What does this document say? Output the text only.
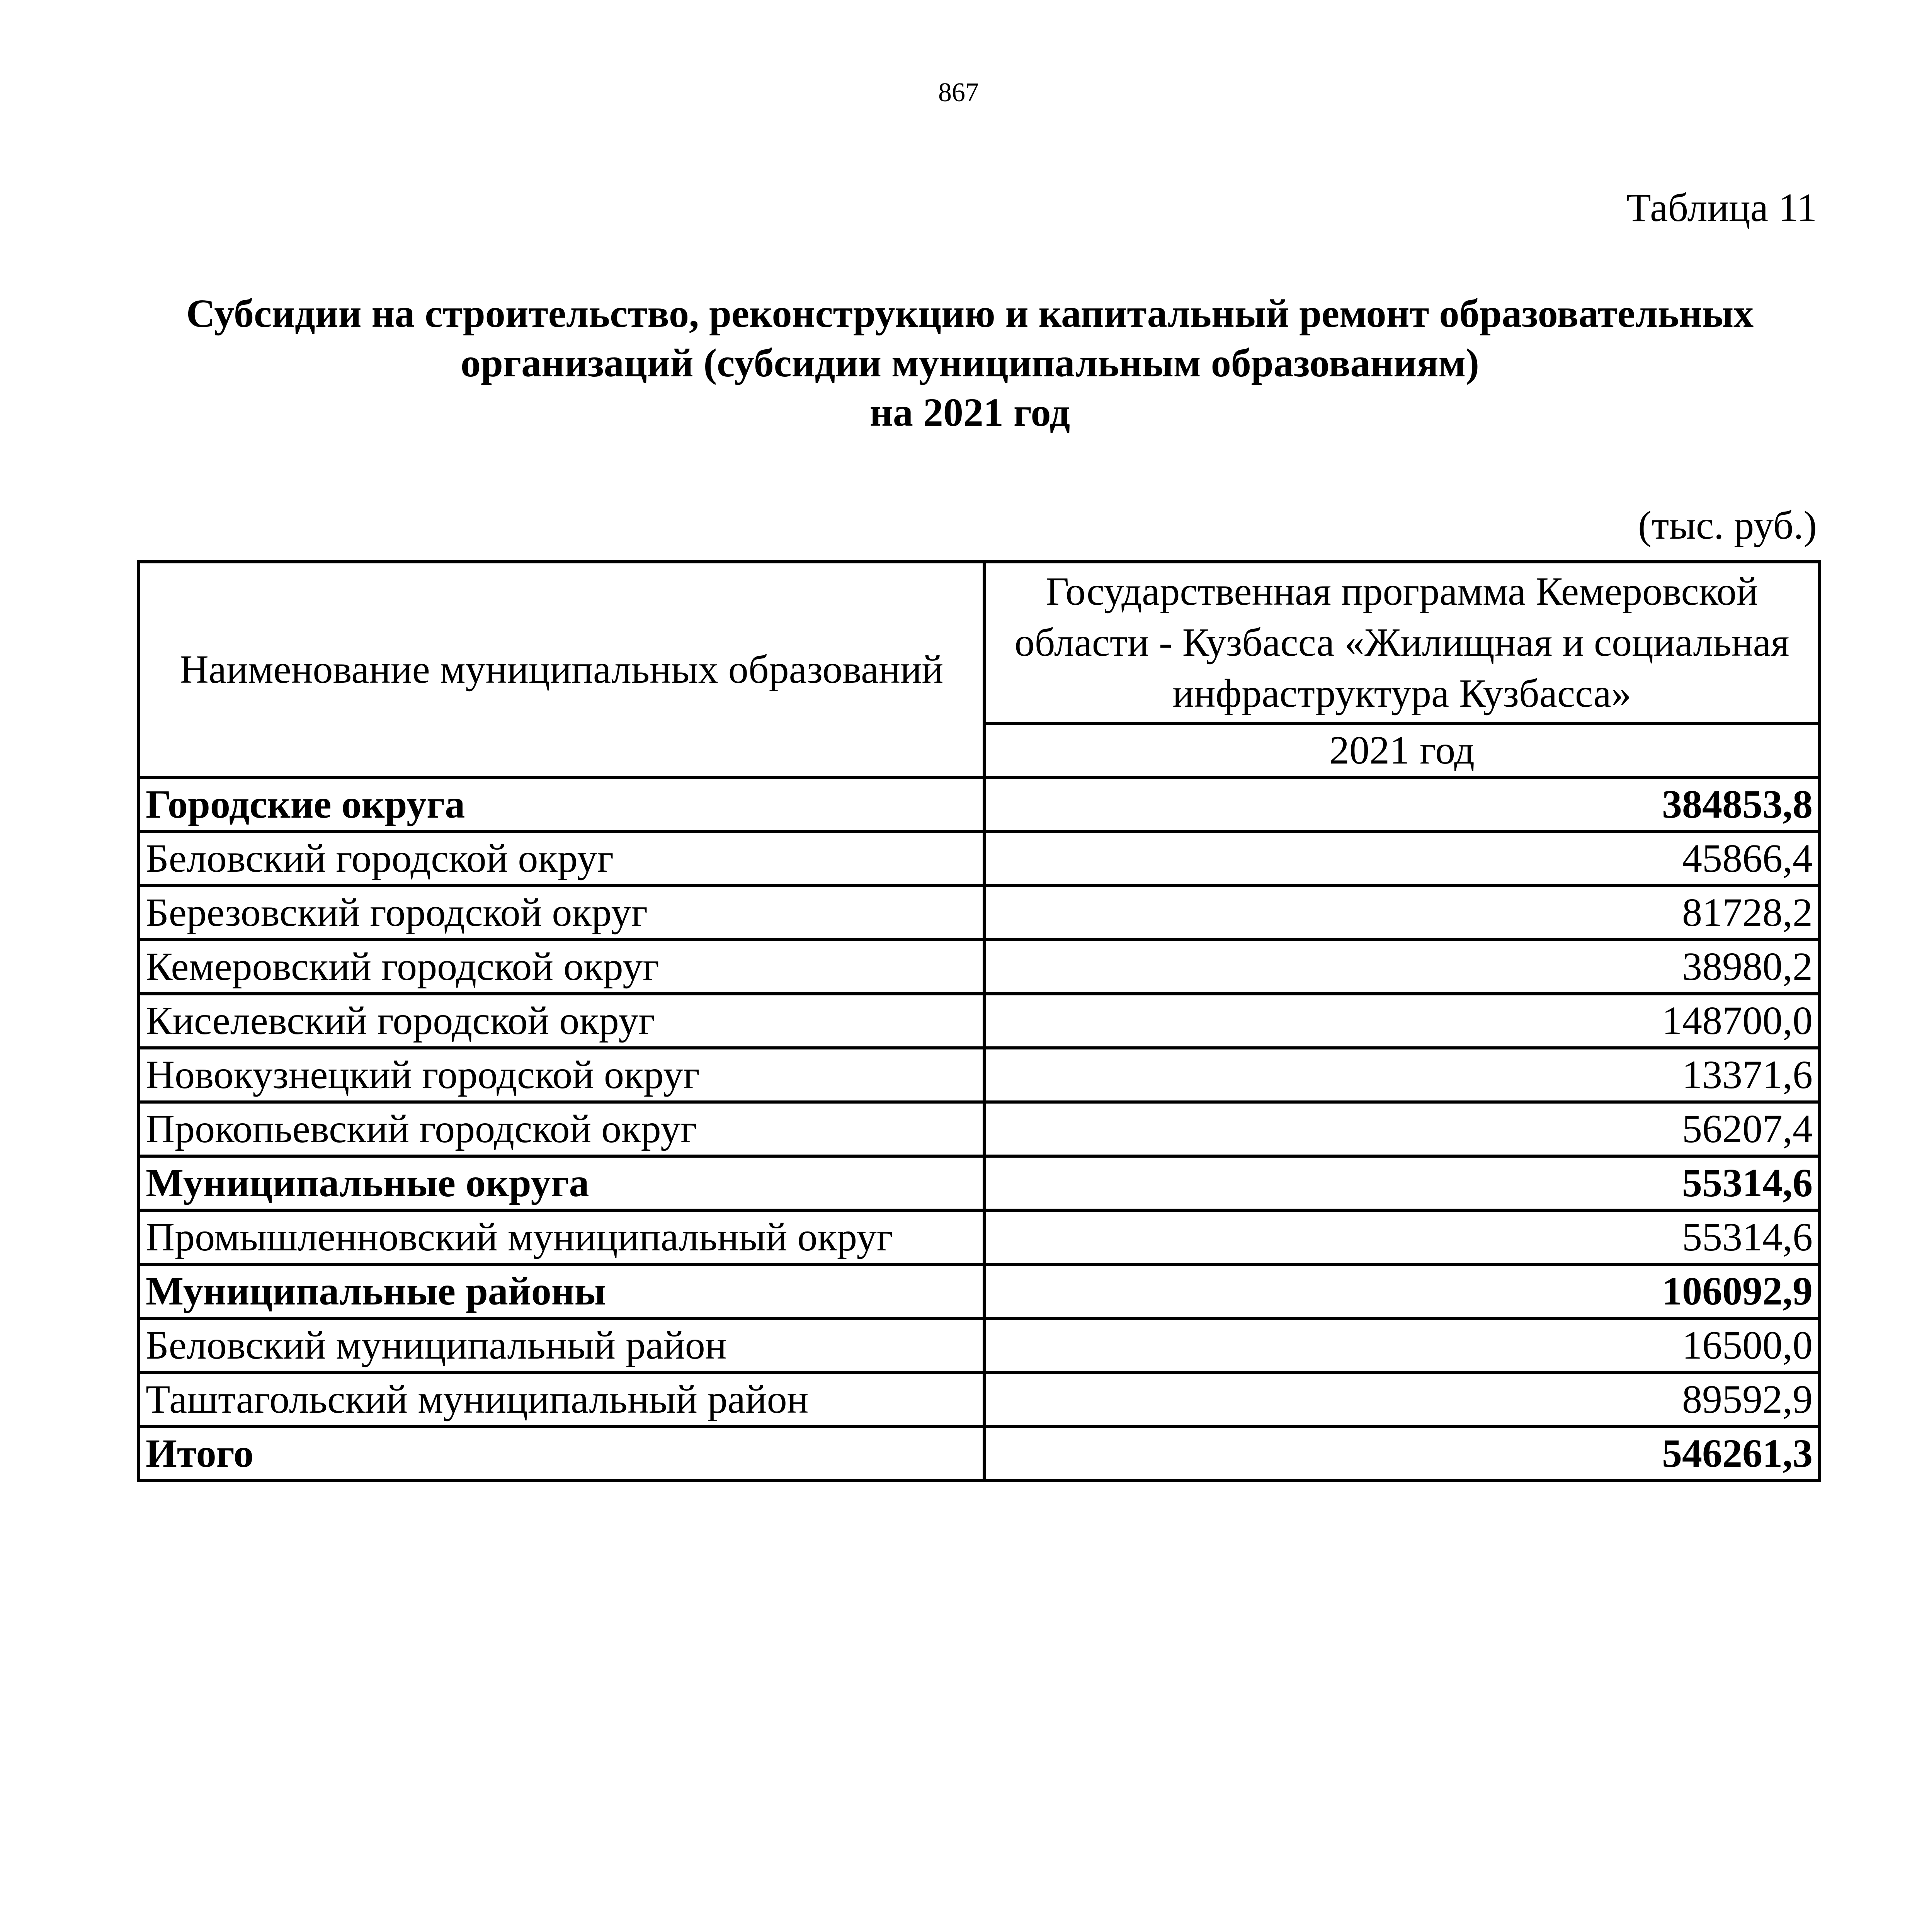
867
Таблица 11
Субсидии на строительство, реконструкцию и капитальный ремонт образовательных
организаций (субсидии муниципальным образованиям)
на 2021 год
(тыс. руб.)
Наименование муниципальных образований	Государственная программа Кемеровской области - Кузбасса «Жилищная и социальная инфраструктура Кузбасса»
	2021 год
Городские округа	384853,8
Беловский городской округ	45866,4
Березовский городской округ	81728,2
Кемеровский городской округ	38980,2
Киселевский городской округ	148700,0
Новокузнецкий городской округ	13371,6
Прокопьевский городской округ	56207,4
Муниципальные округа	55314,6
Промышленновский муниципальный округ	55314,6
Муниципальные районы	106092,9
Беловский муниципальный район	16500,0
Таштагольский муниципальный район	89592,9
Итого	546261,3
